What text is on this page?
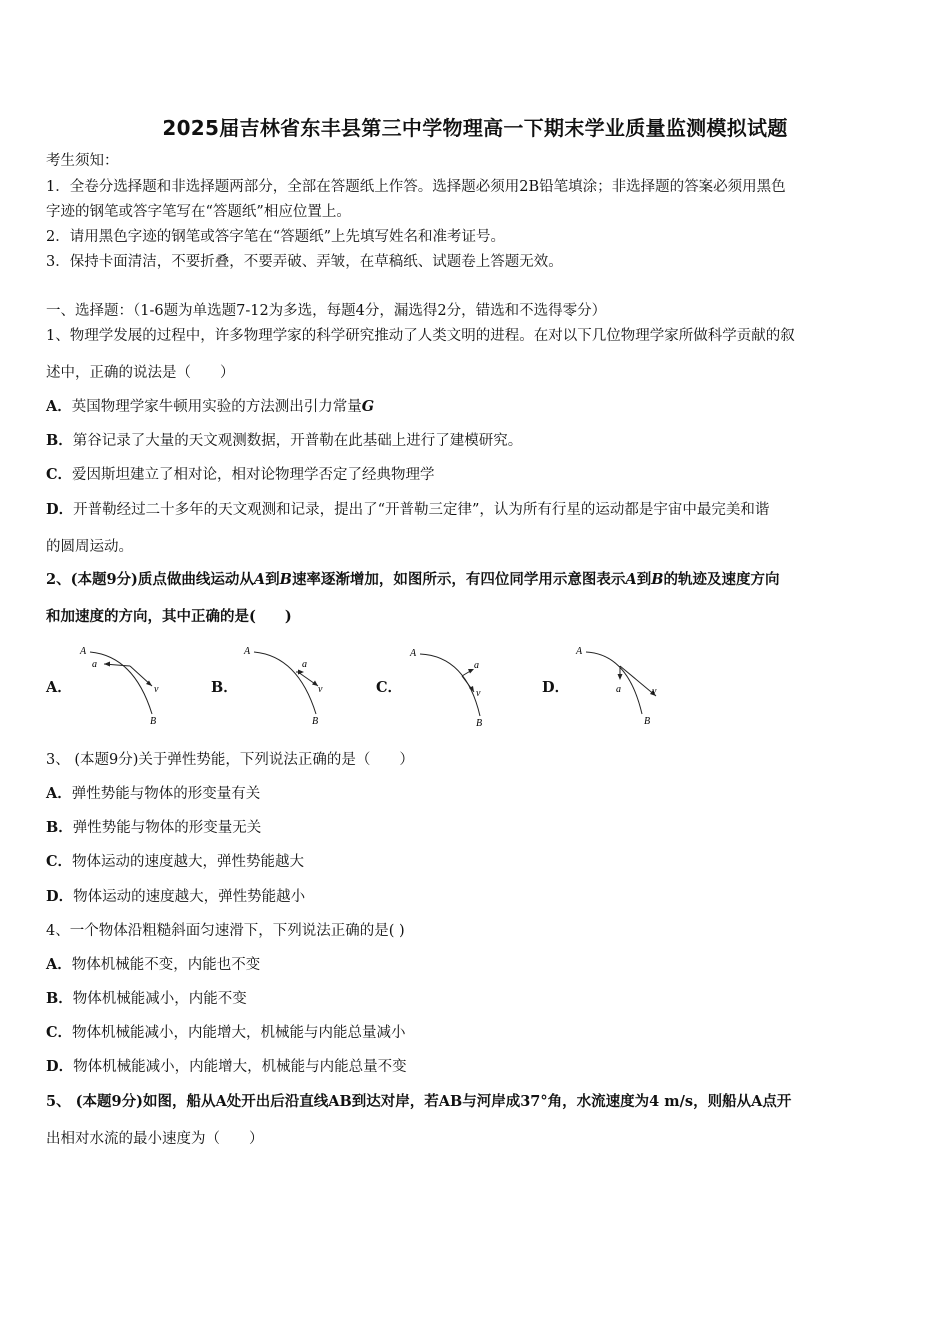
2025届吉林省东丰县第三中学物理高一下期末学业质量监测模拟试题
考生须知：
1．全卷分选择题和非选择题两部分，全部在答题纸上作答。选择题必须用2B铅笔填涂；非选择题的答案必须用黑色
字迹的钢笔或答字笔写在“答题纸”相应位置上。
2．请用黑色字迹的钢笔或答字笔在“答题纸”上先填写姓名和准考证号。
3．保持卡面清洁，不要折叠，不要弄破、弄皱，在草稿纸、试题卷上答题无效。
一、选择题：（1-6题为单选题7-12为多选，每题4分，漏选得2分，错选和不选得零分）
1、物理学发展的过程中，许多物理学家的科学研究推动了人类文明的进程。在对以下几位物理学家所做科学贡献的叙
述中，正确的说法是（　　）
A．英国物理学家牛顿用实验的方法测出引力常量G
B．第谷记录了大量的天文观测数据，开普勒在此基础上进行了建模研究。
C．爱因斯坦建立了相对论，相对论物理学否定了经典物理学
D．开普勒经过二十多年的天文观测和记录，提出了“开普勒三定律”，认为所有行星的运动都是宇宙中最完美和谐
的圆周运动。
2、(本题9分)质点做曲线运动从A到B速率逐渐增加，如图所示，有四位同学用示意图表示A到B的轨迹及速度方向
和加速度的方向，其中正确的是(　　)
A．
A
a
v
B
B．
A
a
v
B
C．
A
a
v
B
D．
A
a	v
B
3、 (本题9分)关于弹性势能，下列说法正确的是（　　）
A．弹性势能与物体的形变量有关
B．弹性势能与物体的形变量无关
C．物体运动的速度越大，弹性势能越大
D．物体运动的速度越大，弹性势能越小
4、一个物体沿粗糙斜面匀速滑下，下列说法正确的是( )
A．物体机械能不变，内能也不变
B．物体机械能减小，内能不变
C．物体机械能减小，内能增大，机械能与内能总量减小
D．物体机械能减小，内能增大，机械能与内能总量不变
5、 (本题9分)如图，船从A处开出后沿直线AB到达对岸，若AB与河岸成37°角，水流速度为4 m/s，则船从A点开
出相对水流的最小速度为（　　）
